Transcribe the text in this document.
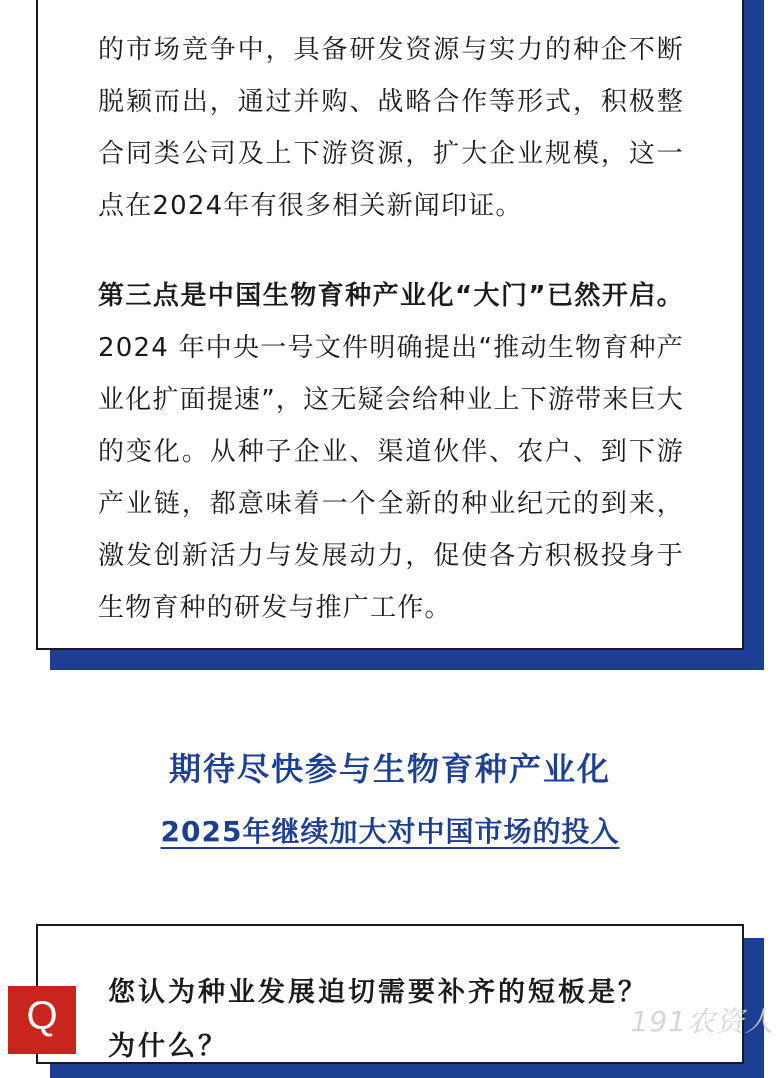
的市场竞争中，具备研发资源与实力的种企不断脱颖而出，通过并购、战略合作等形式，积极整合同类公司及上下游资源，扩大企业规模，这一点在2024年有很多相关新闻印证。

第三点是中国生物育种产业化“大门”已然开启。2024 年中央一号文件明确提出“推动生物育种产业化扩面提速”，这无疑会给种业上下游带来巨大的变化。从种子企业、渠道伙伴、农户、到下游产业链，都意味着一个全新的种业纪元的到来，激发创新活力与发展动力，促使各方积极投身于生物育种的研发与推广工作。

期待尽快参与生物育种产业化
2025年继续加大对中国市场的投入
Q
您认为种业发展迫切需要补齐的短板是？为什么？
191农资人
